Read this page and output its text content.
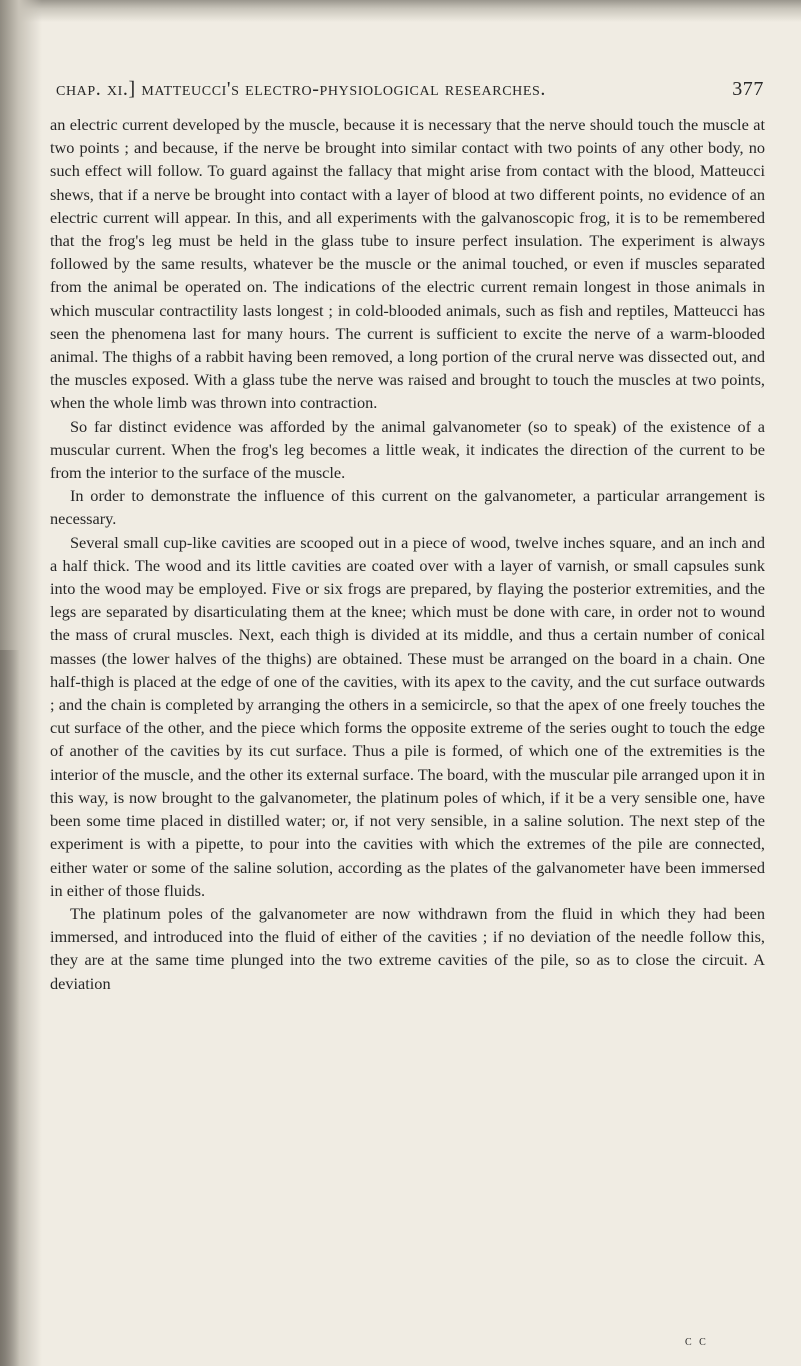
chap. xi.] matteucci's electro-physiological researches.	377

an electric current developed by the muscle, because it is necessary that the nerve should touch the muscle at two points ; and because, if the nerve be brought into similar contact with two points of any other body, no such effect will follow. To guard against the fallacy that might arise from contact with the blood, Matteucci shews, that if a nerve be brought into contact with a layer of blood at two different points, no evidence of an electric current will appear. In this, and all experiments with the galvanoscopic frog, it is to be remembered that the frog's leg must be held in the glass tube to insure perfect insulation. The experiment is always followed by the same results, whatever be the muscle or the animal touched, or even if muscles separated from the animal be operated on. The indications of the electric current remain longest in those animals in which muscular contractility lasts longest ; in cold-blooded animals, such as fish and reptiles, Matteucci has seen the phenomena last for many hours. The current is sufficient to excite the nerve of a warm-blooded animal. The thighs of a rabbit having been removed, a long portion of the crural nerve was dissected out, and the muscles exposed. With a glass tube the nerve was raised and brought to touch the muscles at two points, when the whole limb was thrown into contraction.

So far distinct evidence was afforded by the animal galvanometer (so to speak) of the existence of a muscular current. When the frog's leg becomes a little weak, it indicates the direction of the current to be from the interior to the surface of the muscle.

In order to demonstrate the influence of this current on the galvanometer, a particular arrangement is necessary.

Several small cup-like cavities are scooped out in a piece of wood, twelve inches square, and an inch and a half thick. The wood and its little cavities are coated over with a layer of varnish, or small capsules sunk into the wood may be employed. Five or six frogs are prepared, by flaying the posterior extremities, and the legs are separated by disarticulating them at the knee; which must be done with care, in order not to wound the mass of crural muscles. Next, each thigh is divided at its middle, and thus a certain number of conical masses (the lower halves of the thighs) are obtained. These must be arranged on the board in a chain. One half-thigh is placed at the edge of one of the cavities, with its apex to the cavity, and the cut surface outwards ; and the chain is completed by arranging the others in a semicircle, so that the apex of one freely touches the cut surface of the other, and the piece which forms the opposite extreme of the series ought to touch the edge of another of the cavities by its cut surface. Thus a pile is formed, of which one of the extremities is the interior of the muscle, and the other its external surface. The board, with the muscular pile arranged upon it in this way, is now brought to the galvanometer, the platinum poles of which, if it be a very sensible one, have been some time placed in distilled water; or, if not very sensible, in a saline solution. The next step of the experiment is with a pipette, to pour into the cavities with which the extremes of the pile are connected, either water or some of the saline solution, according as the plates of the galvanometer have been immersed in either of those fluids.

The platinum poles of the galvanometer are now withdrawn from the fluid in which they had been immersed, and introduced into the fluid of either of the cavities ; if no deviation of the needle follow this, they are at the same time plunged into the two extreme cavities of the pile, so as to close the circuit. A deviation

c c
